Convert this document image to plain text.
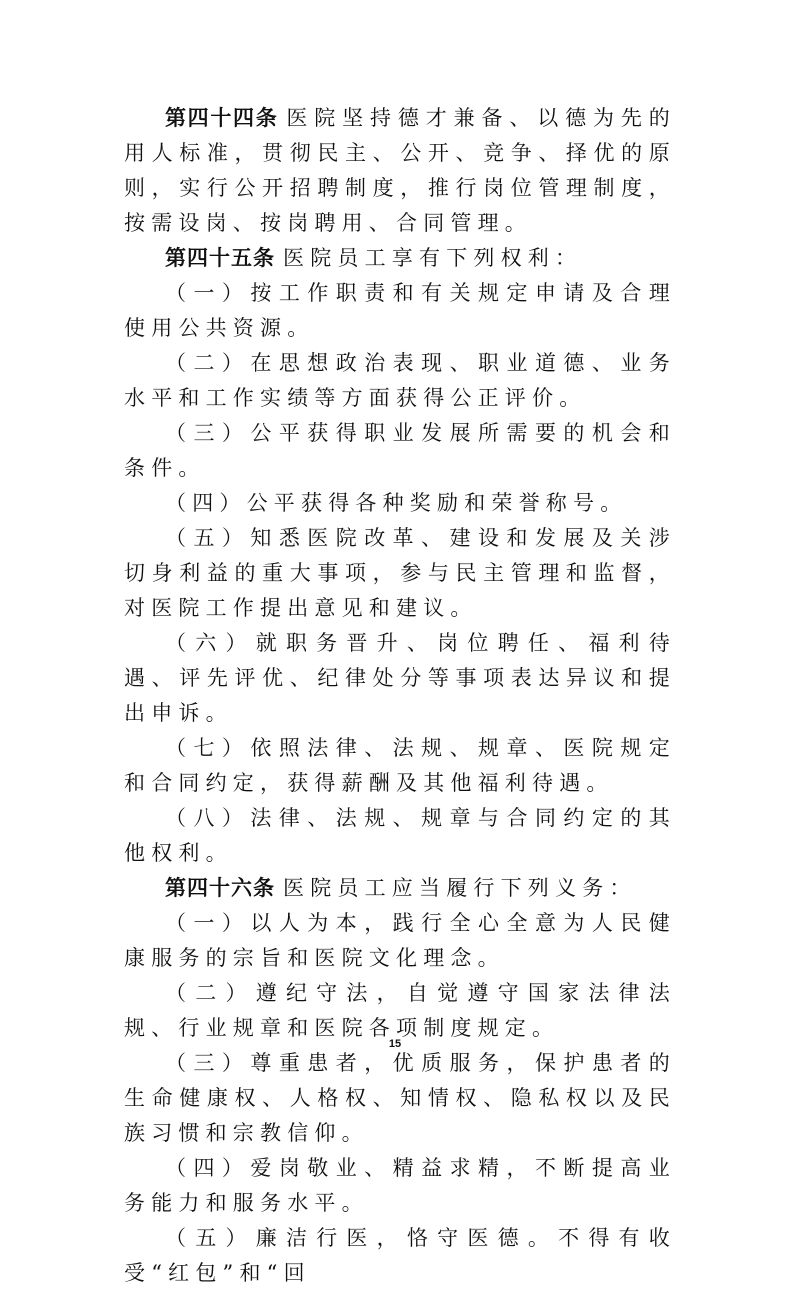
第四十四条 医院坚持德才兼备、以德为先的用人标准，贯彻民主、公开、竞争、择优的原则，实行公开招聘制度，推行岗位管理制度，按需设岗、按岗聘用、合同管理。

第四十五条 医院员工享有下列权利：

（一）按工作职责和有关规定申请及合理使用公共资源。

（二）在思想政治表现、职业道德、业务水平和工作实绩等方面获得公正评价。

（三）公平获得职业发展所需要的机会和条件。

（四）公平获得各种奖励和荣誉称号。

（五）知悉医院改革、建设和发展及关涉切身利益的重大事项，参与民主管理和监督，对医院工作提出意见和建议。

（六）就职务晋升、岗位聘任、福利待遇、评先评优、纪律处分等事项表达异议和提出申诉。

（七）依照法律、法规、规章、医院规定和合同约定，获得薪酬及其他福利待遇。

（八）法律、法规、规章与合同约定的其他权利。

第四十六条 医院员工应当履行下列义务：

（一）以人为本，践行全心全意为人民健康服务的宗旨和医院文化理念。

（二）遵纪守法，自觉遵守国家法律法规、行业规章和医院各项制度规定。

（三）尊重患者，优质服务，保护患者的生命健康权、人格权、知情权、隐私权以及民族习惯和宗教信仰。

（四）爱岗敬业、精益求精，不断提高业务能力和服务水平。

（五）廉洁行医，恪守医德。不得有收受“红包”和“回

15
